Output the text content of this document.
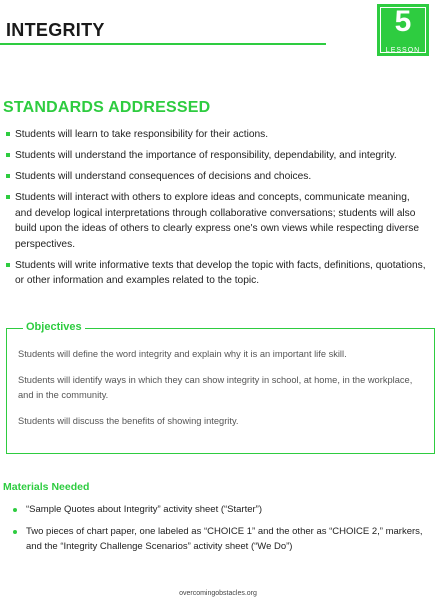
INTEGRITY	5
LESSON
STANDARDS ADDRESSED
Students will learn to take responsibility for their actions.
Students will understand the importance of responsibility, dependability, and integrity.
Students will understand consequences of decisions and choices.
Students will interact with others to explore ideas and concepts, communicate meaning, and develop logical interpretations through collaborative conversations; students will also build upon the ideas of others to clearly express one's own views while respecting diverse perspectives.
Students will write informative texts that develop the topic with facts, definitions, quotations, or other information and examples related to the topic.
Objectives
Students will define the word integrity and explain why it is an important life skill.
Students will identify ways in which they can show integrity in school, at home, in the workplace, and in the community.
Students will discuss the benefits of showing integrity.
Materials Needed
“Sample Quotes about Integrity” activity sheet (“Starter”)
Two pieces of chart paper, one labeled as “CHOICE 1” and the other as “CHOICE 2,” markers, and the “Integrity Challenge Scenarios” activity sheet (“We Do”)
overcomingobstacles.org
